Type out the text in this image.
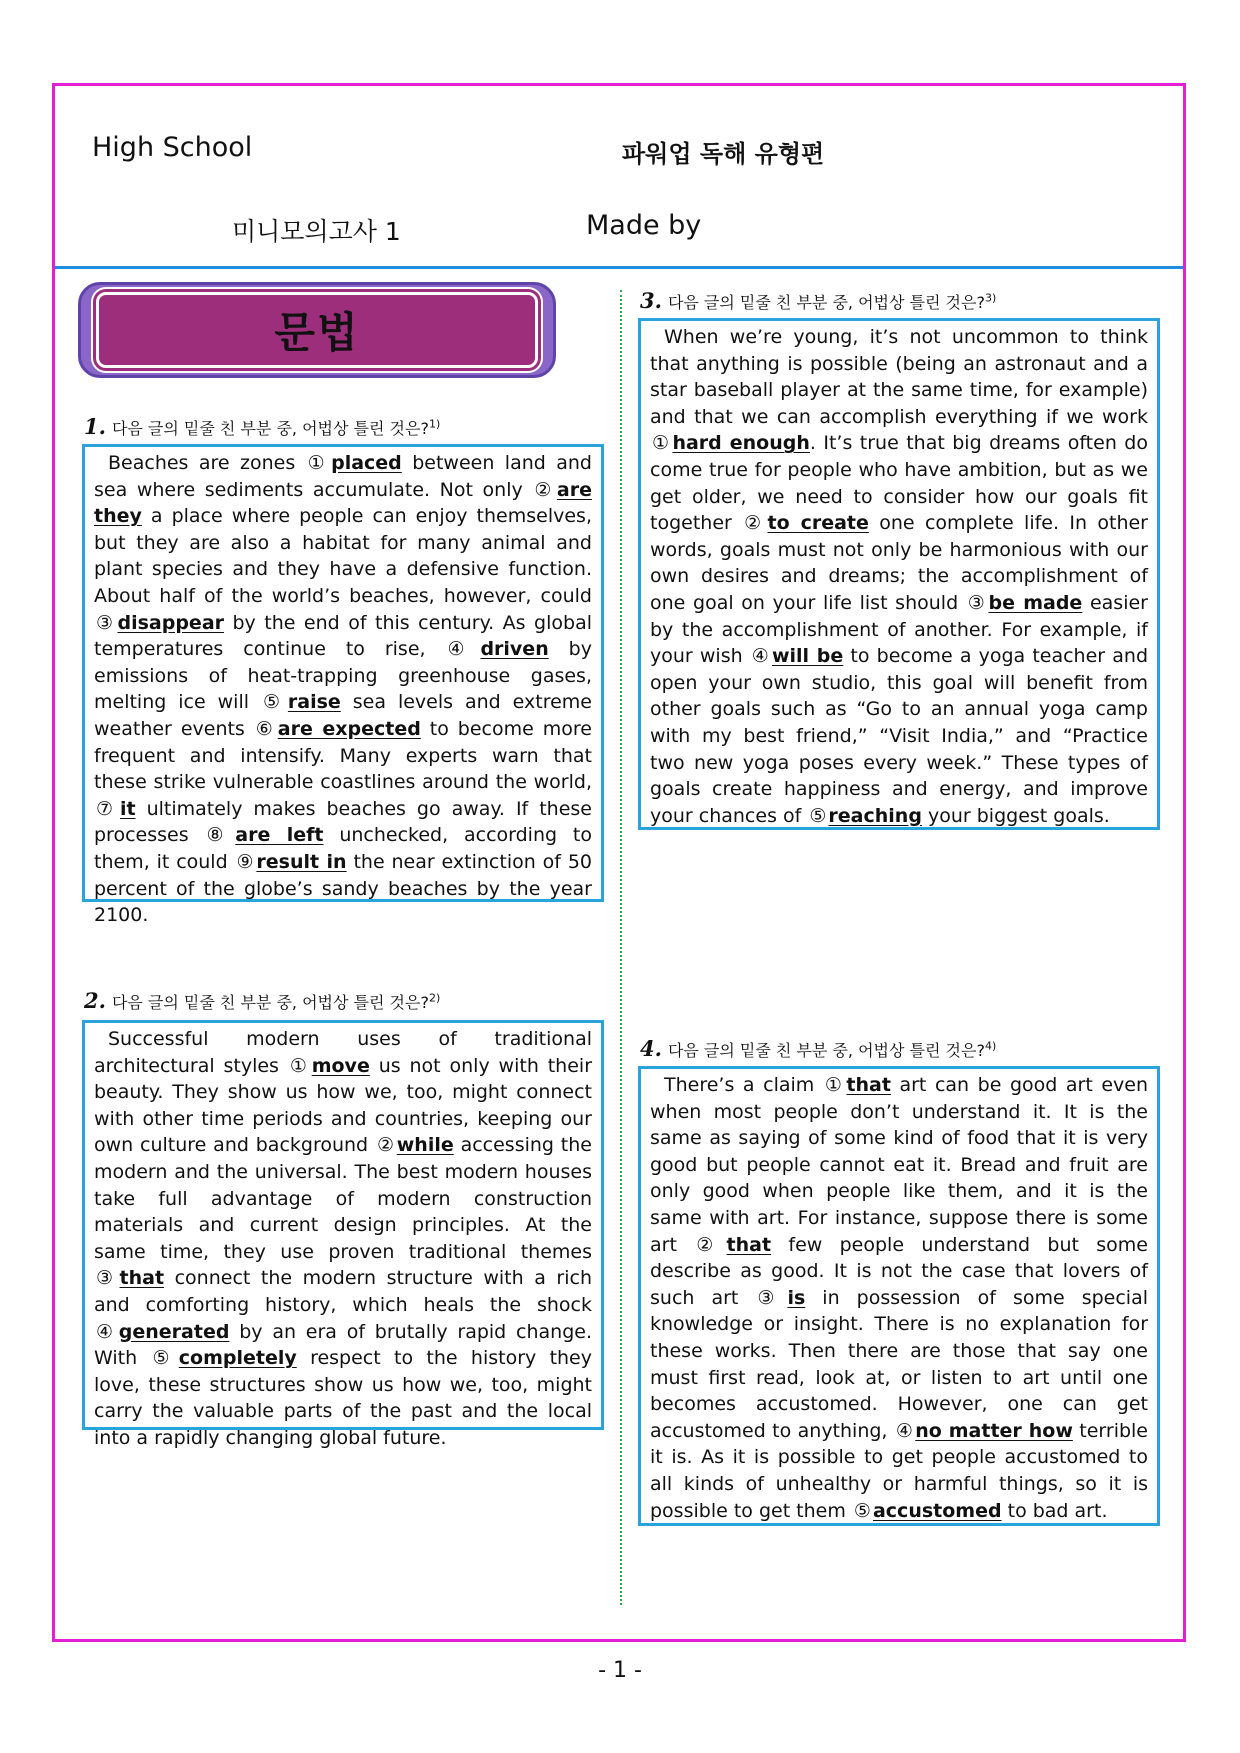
High School	파워업 독해 유형편
미니모의고사 1	Made by
문법
1. 다음 글의 밑줄 친 부분 중, 어법상 틀린 것은?$^{1)}$

Beaches are zones ① placed between land and sea where sediments accumulate. Not only ② are they a place where people can enjoy themselves, but they are also a habitat for many animal and plant species and they have a defensive function. About half of the world’s beaches, however, could ③ disappear by the end of this century. As global temperatures continue to rise, ④ driven by emissions of heat-trapping greenhouse gases, melting ice will ⑤ raise sea levels and extreme weather events ⑥ are expected to become more frequent and intensify. Many experts warn that these strike vulnerable coastlines around the world, ⑦ it ultimately makes beaches go away. If these processes ⑧ are left unchecked, according to them, it could ⑨ result in the near extinction of 50 percent of the globe’s sandy beaches by the year 2100.

2. 다음 글의 밑줄 친 부분 중, 어법상 틀린 것은?$^{2)}$

Successful modern uses of traditional architectural styles ① move us not only with their beauty. They show us how we, too, might connect with other time periods and countries, keeping our own culture and background ② while accessing the modern and the universal. The best modern houses take full advantage of modern construction materials and current design principles. At the same time, they use proven traditional themes ③ that connect the modern structure with a rich and comforting history, which heals the shock ④ generated by an era of brutally rapid change. With ⑤ completely respect to the history they love, these structures show us how we, too, might carry the valuable parts of the past and the local into a rapidly changing global future.

3. 다음 글의 밑줄 친 부분 중, 어법상 틀린 것은?$^{3)}$

When we’re young, it’s not uncommon to think that anything is possible (being an astronaut and a star baseball player at the same time, for example) and that we can accomplish everything if we work ① hard enough. It’s true that big dreams often do come true for people who have ambition, but as we get older, we need to consider how our goals fit together ② to create one complete life. In other words, goals must not only be harmonious with our own desires and dreams; the accomplishment of one goal on your life list should ③ be made easier by the accomplishment of another. For example, if your wish ④ will be to become a yoga teacher and open your own studio, this goal will benefit from other goals such as “Go to an annual yoga camp with my best friend,” “Visit India,” and “Practice two new yoga poses every week.” These types of goals create happiness and energy, and improve your chances of ⑤ reaching your biggest goals.

4. 다음 글의 밑줄 친 부분 중, 어법상 틀린 것은?$^{4)}$

There’s a claim ① that art can be good art even when most people don’t understand it. It is the same as saying of some kind of food that it is very good but people cannot eat it. Bread and fruit are only good when people like them, and it is the same with art. For instance, suppose there is some art ② that few people understand but some describe as good. It is not the case that lovers of such art ③ is in possession of some special knowledge or insight. There is no explanation for these works. Then there are those that say one must first read, look at, or listen to art until one becomes accustomed. However, one can get accustomed to anything, ④ no matter how terrible it is. As it is possible to get people accustomed to all kinds of unhealthy or harmful things, so it is possible to get them ⑤ accustomed to bad art.

- 1 -
